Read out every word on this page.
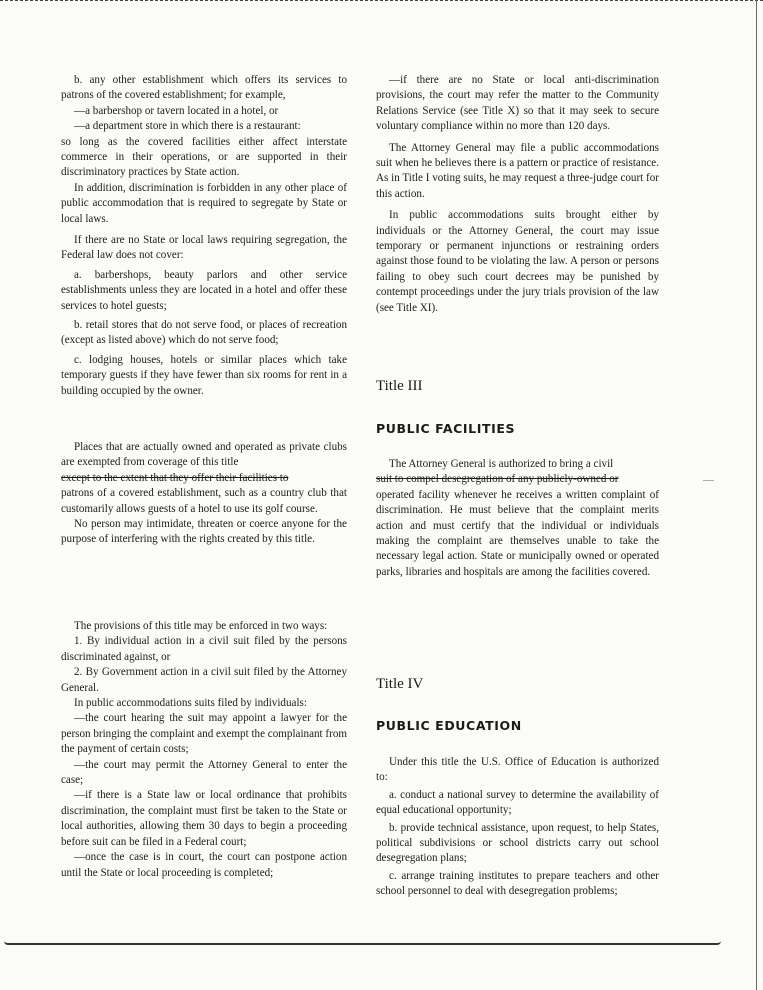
b. any other establishment which offers its services to patrons of the covered establishment; for example,

—a barbershop or tavern located in a hotel, or

—a department store in which there is a restaurant:

so long as the covered facilities either affect interstate commerce in their operations, or are supported in their discriminatory practices by State action.

In addition, discrimination is forbidden in any other place of public accommodation that is required to segregate by State or local laws.

If there are no State or local laws requiring segregation, the Federal law does not cover:

a. barbershops, beauty parlors and other service establishments unless they are located in a hotel and offer these services to hotel guests;

b. retail stores that do not serve food, or places of recreation (except as listed above) which do not serve food;

c. lodging houses, hotels or similar places which take temporary guests if they have fewer than six rooms for rent in a building occupied by the owner.

Places that are actually owned and operated as private clubs are exempted from coverage of this title

except to the extent that they offer their facilities to

patrons of a covered establishment, such as a country club that customarily allows guests of a hotel to use its golf course.

No person may intimidate, threaten or coerce anyone for the purpose of interfering with the rights created by this title.

The provisions of this title may be enforced in two ways:

1. By individual action in a civil suit filed by the persons discriminated against, or

2. By Government action in a civil suit filed by the Attorney General.

In public accommodations suits filed by individuals:

—the court hearing the suit may appoint a lawyer for the person bringing the complaint and exempt the complainant from the payment of certain costs;

—the court may permit the Attorney General to enter the case;

—if there is a State law or local ordinance that prohibits discrimination, the complaint must first be taken to the State or local authorities, allowing them 30 days to begin a proceeding before suit can be filed in a Federal court;

—once the case is in court, the court can postpone action until the State or local proceeding is completed;

—if there are no State or local anti-discrimination provisions, the court may refer the matter to the Community Relations Service (see Title X) so that it may seek to secure voluntary compliance within no more than 120 days.

The Attorney General may file a public accommodations suit when he believes there is a pattern or practice of resistance. As in Title I voting suits, he may request a three-judge court for this action.

In public accommodations suits brought either by individuals or the Attorney General, the court may issue temporary or permanent injunctions or restraining orders against those found to be violating the law. A person or persons failing to obey such court decrees may be punished by contempt proceedings under the jury trials provision of the law (see Title XI).

Title III
PUBLIC FACILITIES

The Attorney General is authorized to bring a civil

suit to compel desegregation of any publicly-owned or

operated facility whenever he receives a written complaint of discrimination. He must believe that the complaint merits action and must certify that the individual or individuals making the complaint are themselves unable to take the necessary legal action. State or municipally owned or operated parks, libraries and hospitals are among the facilities covered.

Title IV
PUBLIC EDUCATION

Under this title the U.S. Office of Education is authorized to:

a. conduct a national survey to determine the availability of equal educational opportunity;

b. provide technical assistance, upon request, to help States, political subdivisions or school districts carry out school desegregation plans;

c. arrange training institutes to prepare teachers and other school personnel to deal with desegregation problems;

—
